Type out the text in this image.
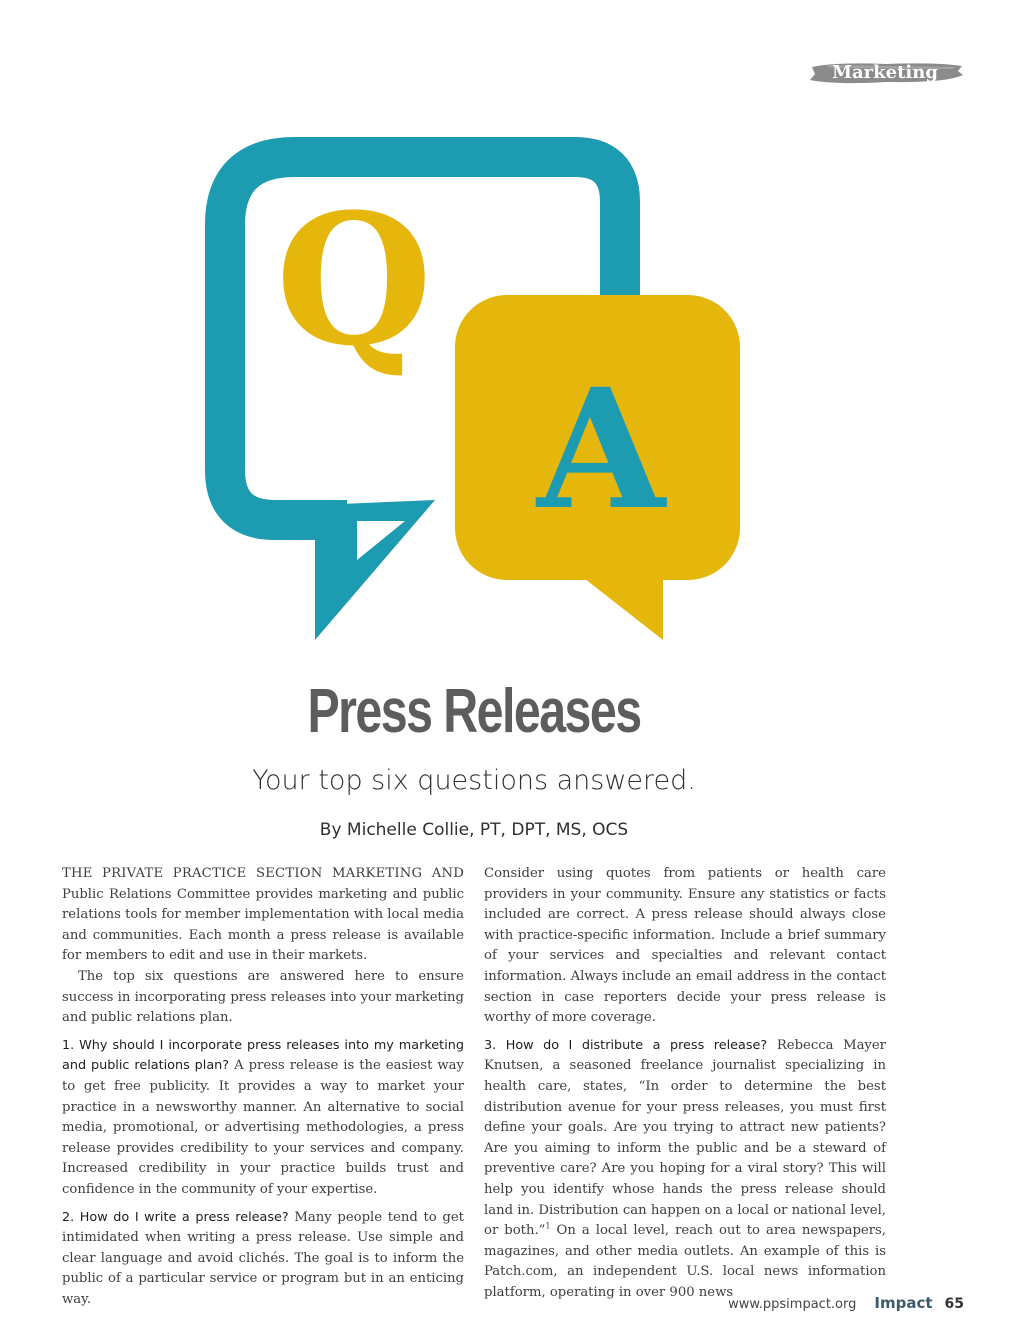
Marketing
Q
A
Press Releases
Your top six questions answered.
By Michelle Collie, PT, DPT, MS, OCS

THE PRIVATE PRACTICE SECTION MARKETING AND Public Relations Committee provides marketing and public relations tools for member implementation with local media and communities. Each month a press release is available for members to edit and use in their markets.

The top six questions are answered here to ensure success in incorporating press releases into your marketing and public relations plan.

1. Why should I incorporate press releases into my marketing and public relations plan? A press release is the easiest way to get free publicity. It provides a way to market your practice in a newsworthy manner. An alternative to social media, promotional, or advertising methodologies, a press release provides credibility to your services and company. Increased credibility in your practice builds trust and confidence in the community of your expertise.

2. How do I write a press release? Many people tend to get intimidated when writing a press release. Use simple and clear language and avoid clichés. The goal is to inform the public of a particular service or program but in an enticing way.

Consider using quotes from patients or health care providers in your community. Ensure any statistics or facts included are correct. A press release should always close with practice-specific information. Include a brief summary of your services and specialties and relevant contact information. Always include an email address in the contact section in case reporters decide your press release is worthy of more coverage.

3. How do I distribute a press release? Rebecca Mayer Knutsen, a seasoned freelance journalist specializing in health care, states, “In order to determine the best distribution avenue for your press releases, you must first define your goals. Are you trying to attract new patients? Are you aiming to inform the public and be a steward of preventive care? Are you hoping for a viral story? This will help you identify whose hands the press release should land in. Distribution can happen on a local or national level, or both.”$^1$ On a local level, reach out to area newspapers, magazines, and other media outlets. An example of this is Patch.com, an independent U.S. local news information platform, operating in over 900 news

www.ppsimpact.org Impact 65
